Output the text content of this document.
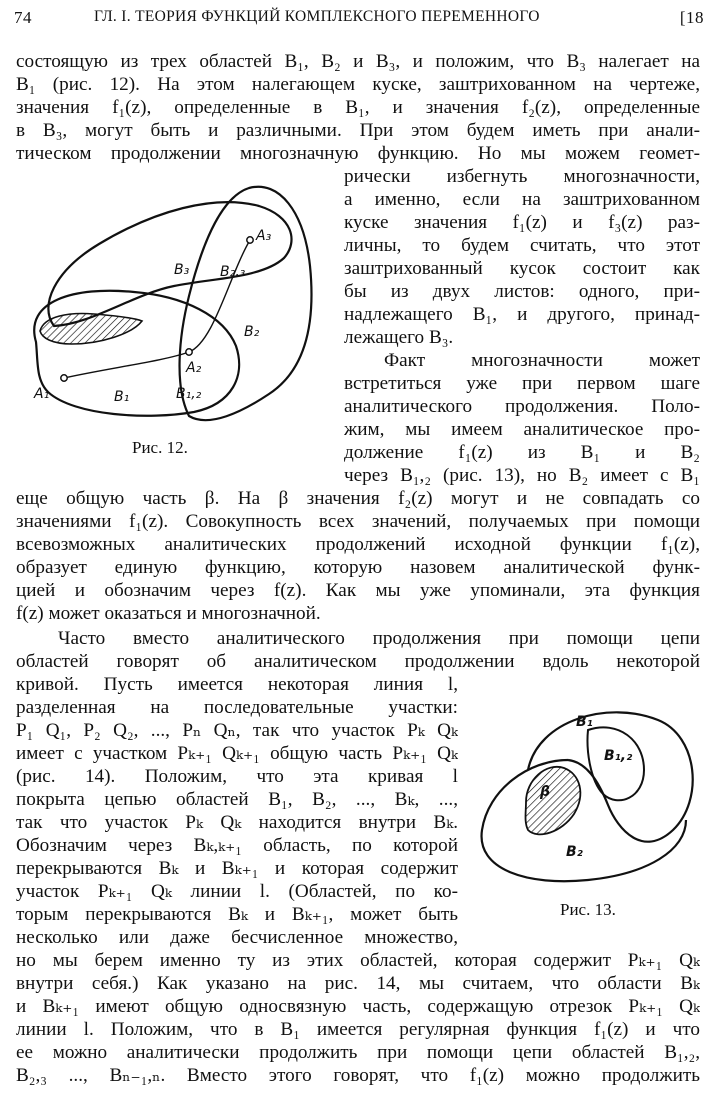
74	ГЛ. I. ТЕОРИЯ ФУНКЦИЙ КОМПЛЕКСНОГО ПЕРЕМЕННОГО	[18
состоящую из трех областей B₁, B₂ и B₃, и положим, что B₃ налегает на
B₁ (рис. 12). На этом налегающем куске, заштрихованном на чертеже,
значения f₁(z), определенные в B₁, и значения f₂(z), определенные
в B₃, могут быть и различными. При этом будем иметь при анали-
тическом продолжении многозначную функцию. Но мы можем геомет-
рически избегнуть многозначности,
а именно, если на заштрихованном
куске значения f₁(z) и f₃(z) раз-
личны, то будем считать, что этот
заштрихованный кусок состоит как
бы из двух листов: одного, при-
надлежащего B₁, и другого, принад-
лежащего B₃.
Факт многозначности может
встретиться уже при первом шаге
аналитического продолжения. Поло-
жим, мы имеем аналитическое про-
должение f₁(z) из B₁ и B₂
через B₁,₂ (рис. 13), но B₂ имеет с B₁
еще общую часть β. На β значения f₂(z) могут и не совпадать со
значениями f₁(z). Совокупность всех значений, получаемых при помощи
всевозможных аналитических продолжений исходной функции f₁(z),
образует единую функцию, которую назовем аналитической функ-
цией и обозначим через f(z). Как мы уже упоминали, эта функция
f(z) может оказаться и многозначной.
Часто вместо аналитического продолжения при помощи цепи
областей говорят об аналитическом продолжении вдоль некоторой
кривой. Пусть имеется некоторая линия l,
разделенная на последовательные участки:
P₁ Q₁, P₂ Q₂, ..., Pₙ Qₙ, так что участок Pₖ Qₖ
имеет с участком Pₖ₊₁ Qₖ₊₁ общую часть Pₖ₊₁ Qₖ
(рис. 14). Положим, что эта кривая l
покрыта цепью областей B₁, B₂, ..., Bₖ, ...,
так что участок Pₖ Qₖ находится внутри Bₖ.
Обозначим через Bₖ,ₖ₊₁ область, по которой
перекрываются Bₖ и Bₖ₊₁ и которая содержит
участок Pₖ₊₁ Qₖ линии l. (Областей, по ко-
торым перекрываются Bₖ и Bₖ₊₁, может быть
несколько или даже бесчисленное множество,
но мы берем именно ту из этих областей, которая содержит Pₖ₊₁ Qₖ
внутри себя.) Как указано на рис. 14, мы считаем, что области Bₖ
и Bₖ₊₁ имеют общую односвязную часть, содержащую отрезок Pₖ₊₁ Qₖ
линии l. Положим, что в B₁ имеется регулярная функция f₁(z) и что
ее можно аналитически продолжить при помощи цепи областей B₁,₂,
B₂,₃ ..., Bₙ₋₁,ₙ. Вместо этого говорят, что f₁(z) можно продолжить
A₃
B₃ B₂,₃
B₂
A₂
A₁	B₁	B₁,₂
Рис. 12.
B₁
B₁,₂
β
B₂
Рис. 13.
